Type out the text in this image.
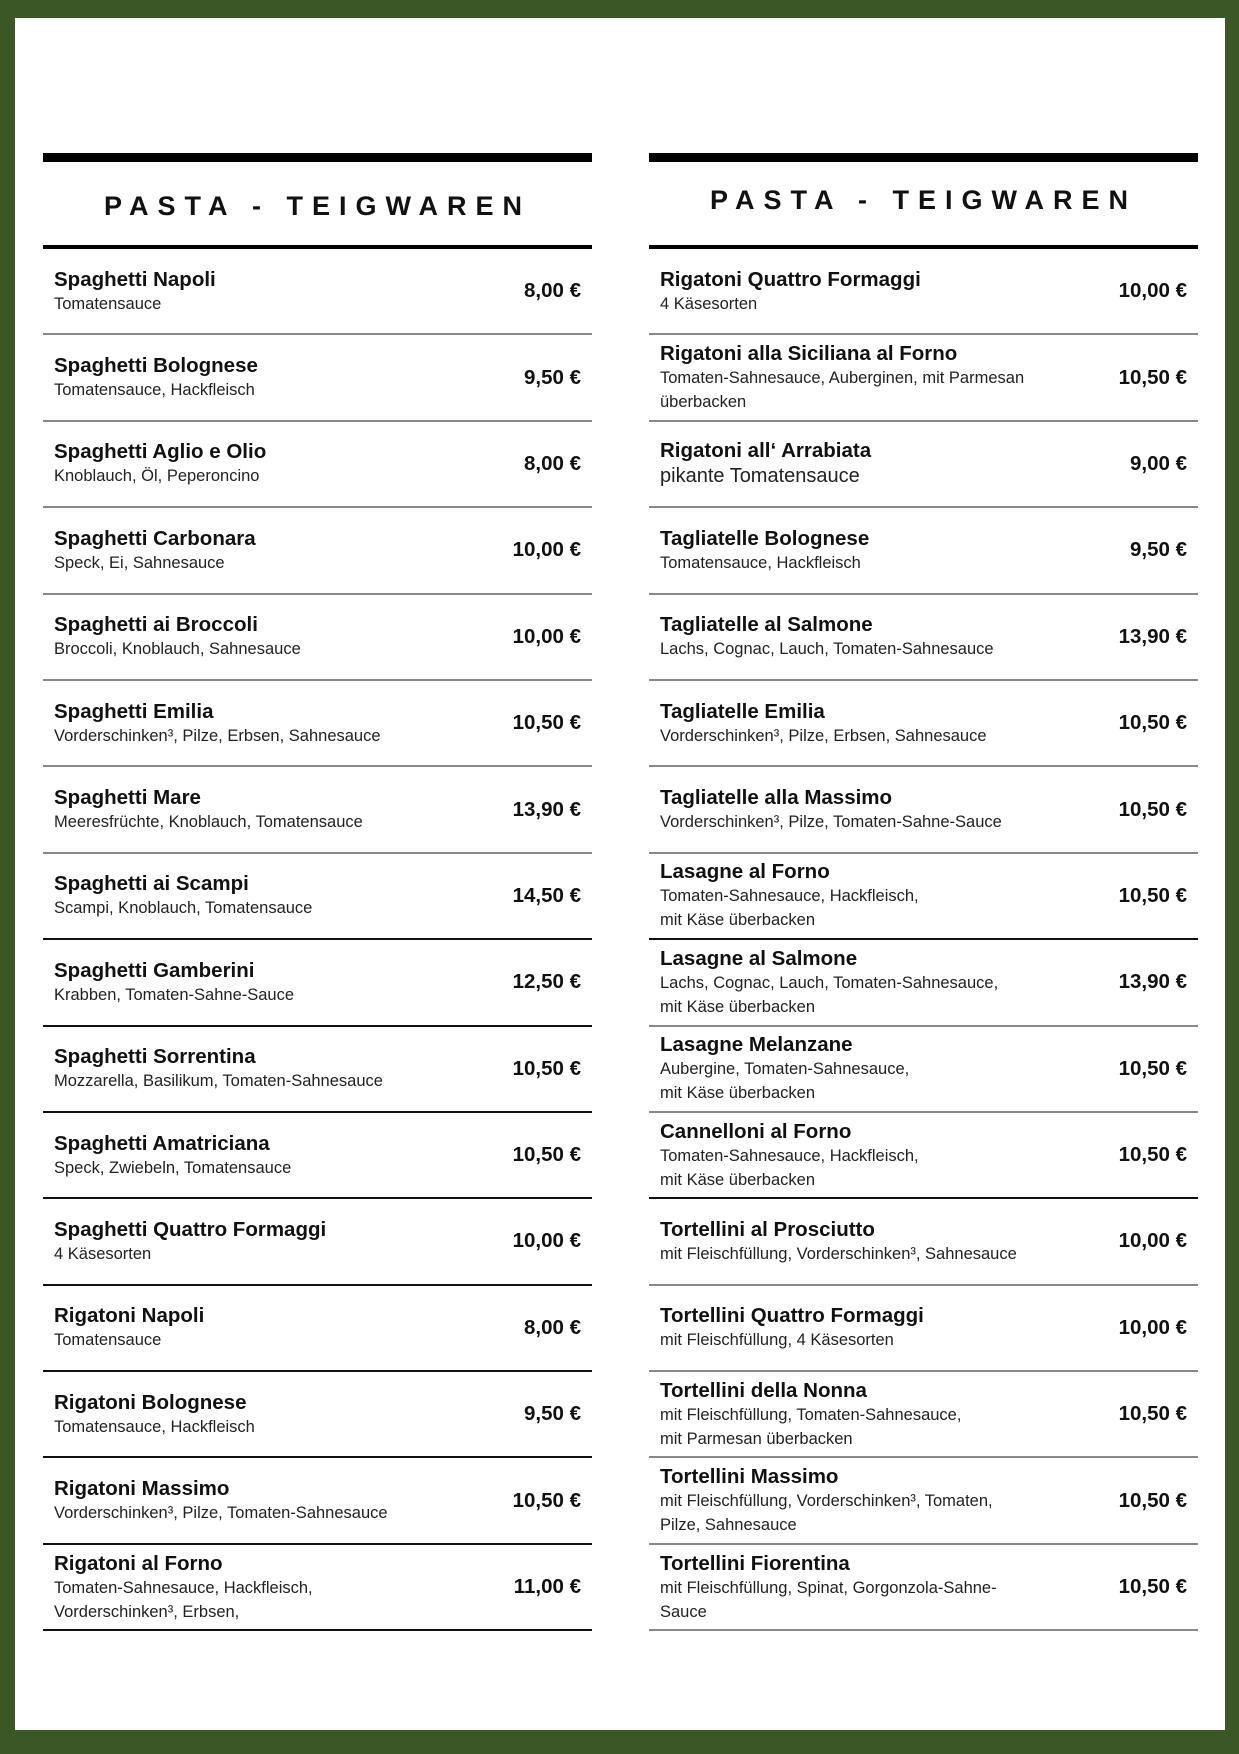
PASTA - TEIGWAREN
Spaghetti Napoli
Tomatensauce
8,00 €
Spaghetti Bolognese
Tomatensauce, Hackfleisch
9,50 €
Spaghetti Aglio e Olio
Knoblauch, Öl, Peperoncino
8,00 €
Spaghetti Carbonara
Speck, Ei, Sahnesauce
10,00 €
Spaghetti ai Broccoli
Broccoli, Knoblauch, Sahnesauce
10,00 €
Spaghetti Emilia
Vorderschinken³, Pilze, Erbsen, Sahnesauce
10,50 €
Spaghetti Mare
Meeresfrüchte, Knoblauch, Tomatensauce
13,90 €
Spaghetti ai Scampi
Scampi, Knoblauch, Tomatensauce
14,50 €
Spaghetti Gamberini
Krabben, Tomaten-Sahne-Sauce
12,50 €
Spaghetti Sorrentina
Mozzarella, Basilikum, Tomaten-Sahnesauce
10,50 €
Spaghetti Amatriciana
Speck, Zwiebeln, Tomatensauce
10,50 €
Spaghetti Quattro Formaggi
4 Käsesorten
10,00 €
Rigatoni Napoli
Tomatensauce
8,00 €
Rigatoni Bolognese
Tomatensauce, Hackfleisch
9,50 €
Rigatoni Massimo
Vorderschinken³, Pilze, Tomaten-Sahnesauce
10,50 €
Rigatoni al Forno
Tomaten-Sahnesauce, Hackfleisch,
Vorderschinken³, Erbsen,
11,00 €
PASTA - TEIGWAREN
Rigatoni Quattro Formaggi
4 Käsesorten
10,00 €
Rigatoni alla Siciliana al Forno
Tomaten-Sahnesauce, Auberginen, mit Parmesan
überbacken
10,50 €
Rigatoni all‘ Arrabiata
pikante Tomatensauce
9,00 €
Tagliatelle Bolognese
Tomatensauce, Hackfleisch
9,50 €
Tagliatelle al Salmone
Lachs, Cognac, Lauch, Tomaten-Sahnesauce
13,90 €
Tagliatelle Emilia
Vorderschinken³, Pilze, Erbsen, Sahnesauce
10,50 €
Tagliatelle alla Massimo
Vorderschinken³, Pilze, Tomaten-Sahne-Sauce
10,50 €
Lasagne al Forno
Tomaten-Sahnesauce, Hackfleisch,
mit Käse überbacken
10,50 €
Lasagne al Salmone
Lachs, Cognac, Lauch, Tomaten-Sahnesauce,
mit Käse überbacken
13,90 €
Lasagne Melanzane
Aubergine, Tomaten-Sahnesauce,
mit Käse überbacken
10,50 €
Cannelloni al Forno
Tomaten-Sahnesauce, Hackfleisch,
mit Käse überbacken
10,50 €
Tortellini al Prosciutto
mit Fleischfüllung, Vorderschinken³, Sahnesauce
10,00 €
Tortellini Quattro Formaggi
mit Fleischfüllung, 4 Käsesorten
10,00 €
Tortellini della Nonna
mit Fleischfüllung, Tomaten-Sahnesauce,
mit Parmesan überbacken
10,50 €
Tortellini Massimo
mit Fleischfüllung, Vorderschinken³, Tomaten,
Pilze, Sahnesauce
10,50 €
Tortellini Fiorentina
mit Fleischfüllung, Spinat, Gorgonzola-Sahne-
Sauce
10,50 €
